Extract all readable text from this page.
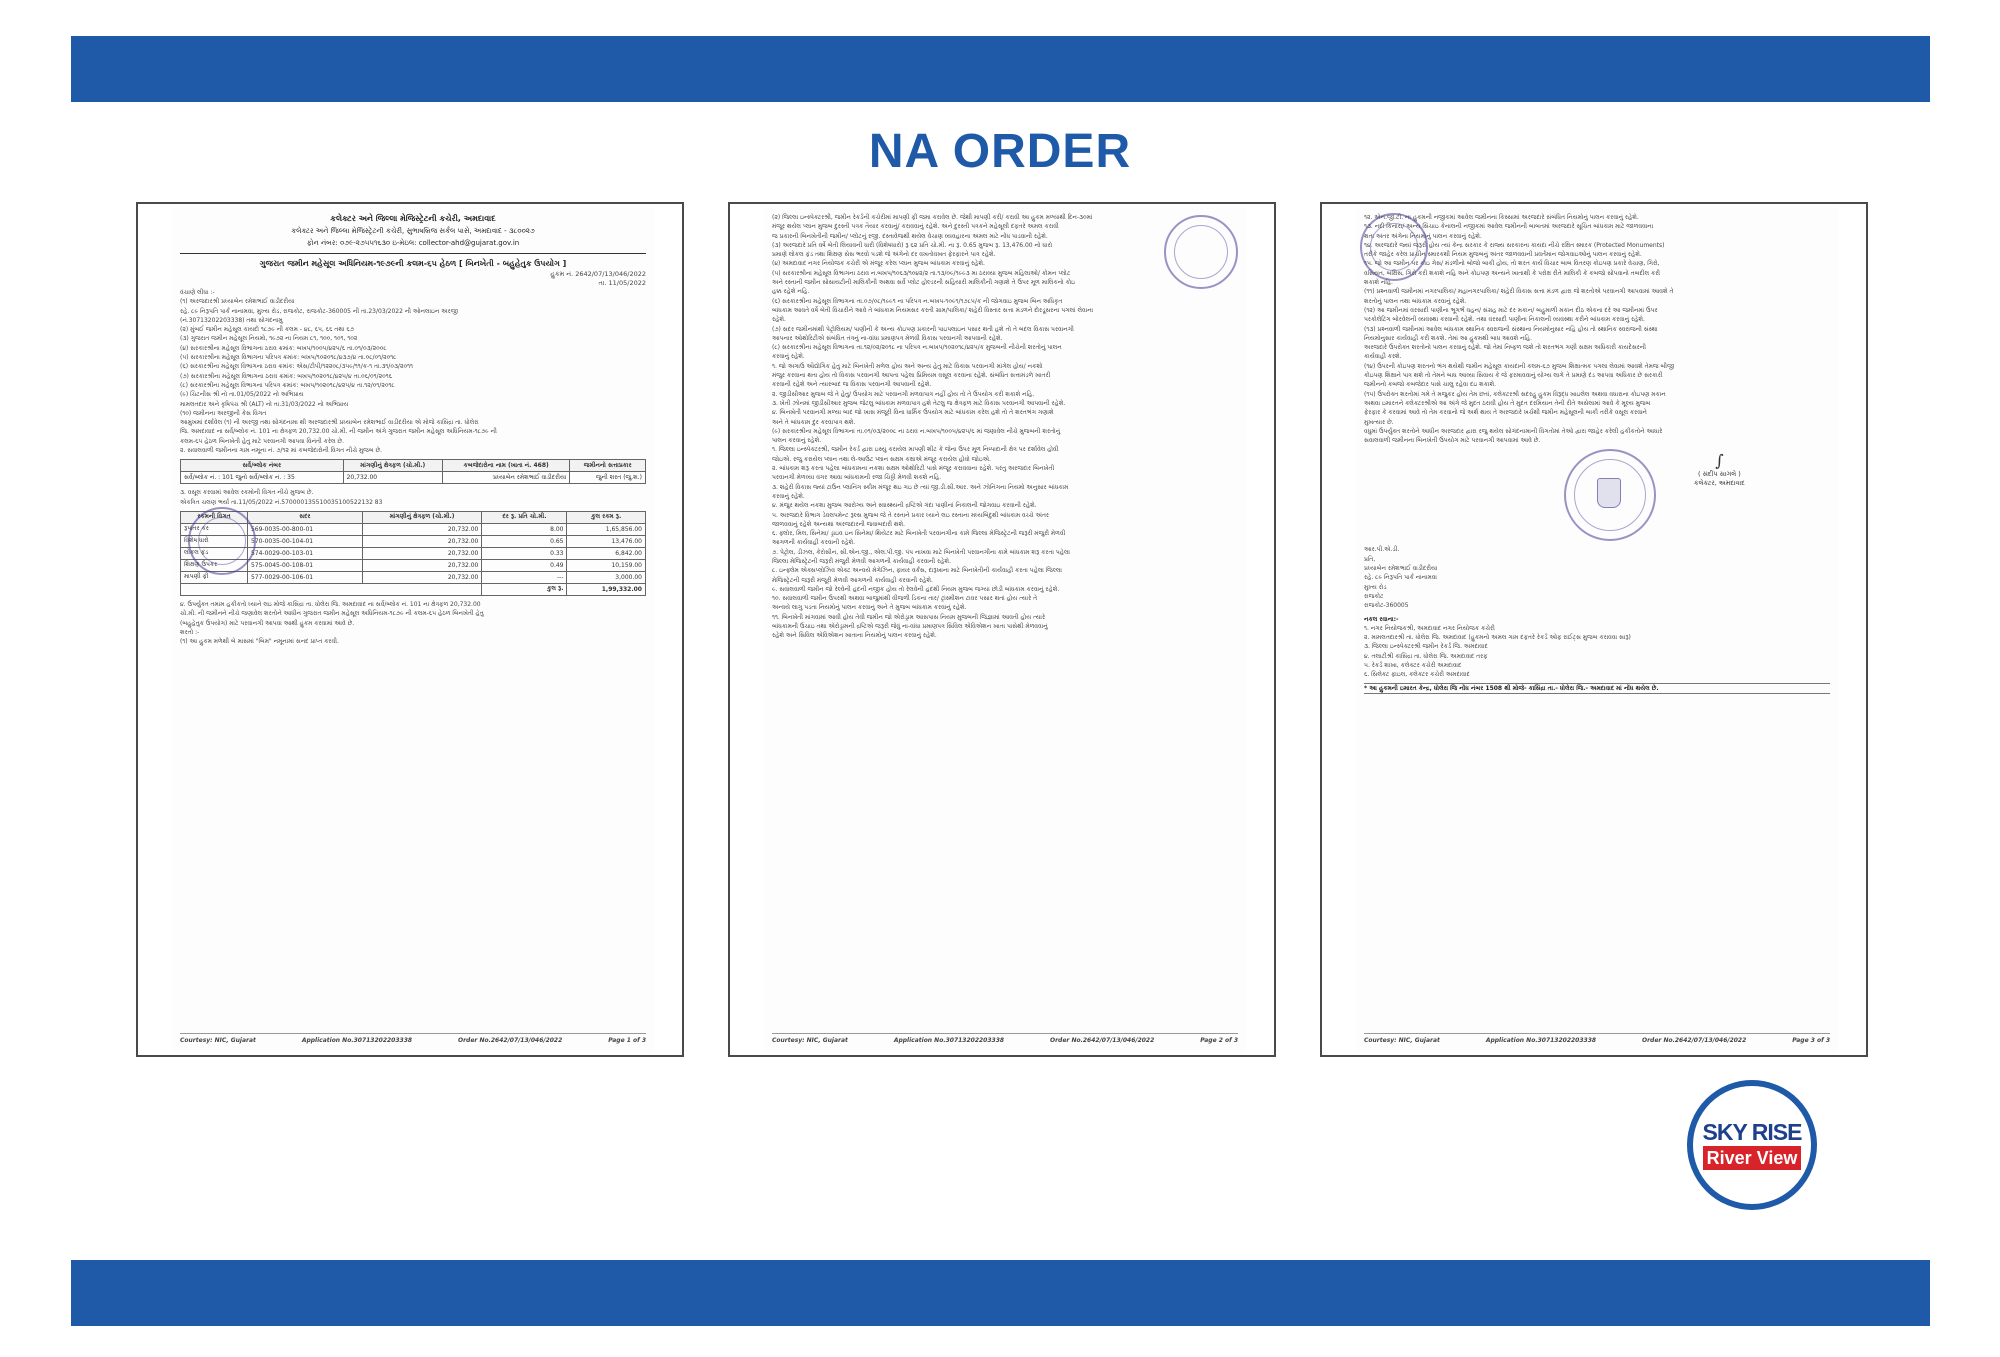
NA ORDER
કલેક્ટર અને જિલ્લા મેજિસ્ટ્રેટની કચેરી, અમદાવાદ
કલેક્ટર અને જિલ્લા મેજિસ્ટ્રેટની કચેરી, સુભાષબ્રિજ સર્કલ પાસે, અમદાવાદ - ૩૮૦૦૨૭
ફોન નંબર: ૦૭૯-૨૭૫૫૧૬૩૦ ઇ-મેઇલ: collector-ahd@gujarat.gov.in
ગુજરાત જમીન મહેસૂલ અધિનિયમ-૧૯૭૯ની કલમ-૬૫ હેઠળ [ બિનખેતી - બહુહેતુક ઉપયોગ ]
હુકમ નં. 2642/07/13/046/2022
તા. 11/05/2022
વંચાણે લીધા :-
(૧) અરજદારશ્રી પ્રધ્યાબેન રમેશભાઈ વાડીદરીયા
રહે. ૮૯ નિરૂપતિ પાર્ક નાનામવા, મુખ્ય રોડ, રાજકોટ, રાજકોટ-360005 ની તા.23/03/2022 ની ઓનલાઇન અરજી
(નં.30713202203338) તથા સોગંદનામુ
(૨) મુંબઈ જમીન મહેસૂલ કાયદો ૧૮૭૯ ની કલમ - ૪૮, ૬૫, ૬૬ તથા ૬૭
(૩) ગુજરાત જમીન મહેસૂલ નિયમો, ૧૯૭૨ ના નિયમ ૮૧, ૧૦૦, ૧૦૧, ૧૦૨
(૪) સરકારશ્રીના મહેસૂલ વિભાગના ઠરાવ ક્રમાંક: બખપ/૧૦૦૫/૪૨૫/૬ તા.૦૧/૦૩/૨૦૦૮
(૫) સરકારશ્રીના મહેસૂલ વિભાગના પરિપત્ર ક્રમાંક: બખપ/૧૦૨૦૧૮/૪૩૭/૪ તા.૦૮/૦૧/૨૦૧૮
(૬) સરકારશ્રીના મહેસૂલ વિભાગના ઠરાવ ક્રમાંક: એસ/ટીપી/૧૨૨૦૮/૩૫૯/૧૧/ક-૧ તા.૩૧/૦૩/૨૦૧૧
(૭) સરકારશ્રીના મહેસૂલ વિભાગના ઠરાવ ક્રમાંક: બખપ/૧૦૨૦૧૮/૪૨૫/૪ તા.૦૬/૦૧/૨૦૧૬
(૮) સરકારશ્રીના મહેસૂલ વિભાગના પરિપત્ર ક્રમાંક: બખપ/૧૦૨૦૧૮/૪૨૫/૪ તા.૧૨/૦૧/૨૦૧૮
(૯) ચિટનીસ શ્રી નો તા.01/05/2022 નો અભિપ્રાય
મામલતદાર અને કૃષિપંચ શ્રી (ALT) નો તા.31/03/2022 નો અભિપ્રાય
(૧૦) જમીનના અરજીની કેસ વિગત
આમુખમાં દર્શાવેલ (૧) ની અરજી તથા સોગંદનામા થી અરજદારશ્રી પ્રધ્યાબેન રમેશભાઈ વાડીદરીયા એ મોજે કાસિંદ્રા તા. ધોલેરા
જિ. અમદાવાદ ના સર્વે/બ્લોક નં. 101 ના ક્ષેત્રફળ 20,732.00 ચો.મી. ની જમીન અંગે ગુજરાત જમીન મહેસૂલ અધિનિયમ-૧૮૭૯ ની
કલમ-૬૫ હેઠળ બિનખેતી હેતુ માટે પરવાનગી આપવા વિનંતી કરેલ છે.
૨. સવાલવાળી જમીનના ગામ નમૂના નં. ૭/૧૨ માં કબજેદારોની વિગત નીચે મુજબ છે.
સર્વે/બ્લોક નંબર	માંગણીનું ક્ષેત્રફળ (ચો.મી.)	કબજેદારોના નામ (ખાતા નં. 468)	જમીનનો સત્તાપ્રકાર
સર્વે/બ્લોક નં. : 101 જુનો સર્વે/બ્લોક નં. : 35	20,732.00	પ્રધ્યાબેન રમેશભાઈ વાડીદરીયા	જુની શરત (જુ.શ.)
૩. વસૂલ કરવામાં આવેલ રકમોની વિગત નીચે મુજબ છે.
એકત્રિત ચલણ ભર્યા તા.11/05/2022 નં.570000135510035100522132 83
રકમની વિગત	સદર	માંગણીનું ક્ષેત્રફળ (ચો.મી.)	દર રૂ. પ્રતિ ચો.મી.	કુલ રકમ રૂ.
રૂપાંતર કર	569-0035-00-800-01	20,732.00	8.00	1,65,856.00
વિશેષ ધારો	570-0035-00-104-01	20,732.00	0.65	13,476.00
લોકલ ફંડ	574-0029-00-103-01	20,732.00	0.33	6,842.00
શિક્ષણ ઉપકર	575-0045-00-108-01	20,732.00	0.49	10,159.00
માપણી ફી	577-0029-00-106-01	20,732.00	---	3,000.00
			કુલ રૂ.	1,99,332.00
૪. ઉપર્યુક્ત તમામ હકીકતો ધ્યાને લઇ મોજે કાસિંદ્રા તા. ધોલેરા જિ. અમદાવાદ ના સર્વે/બ્લોક નં. 101 ના ક્ષેત્રફળ 20,732.00
ચો.મી. ની જમીનને નીચે જણાવેલ શરતોને આધીન ગુજરાત જમીન મહેસૂલ અધિનિયમ-૧૮૭૯ ની કલમ-૬૫ હેઠળ બિનખેતી હેતુ
(બહુહેતુક ઉપયોગ) માટે પરવાનગી આપવા આથી હુકમ કરવામાં આવે છે.
શરતો :-
(૧) આ હુકમ મળેથી બે માસમાં "બિમ" નમૂનામાં સનદ પ્રાપ્ત કરવી.
Courtesy: NIC, Gujarat	Application No.30713202203338	Order No.2642/07/13/046/2022	Page 1 of 3
(૨) જિલ્લા ઇન્સ્પેક્ટરશ્રી, જમીન રેકર્ડની કચેરીમાં માપણી ફી જમા કરાવેલ છે. જેથી માપણી કરી/ કરાવી આ હુકમ મળ્યાથી દિન-૩૦માં
મંજૂર થયેલ પ્લાન મુજબ દુરસ્તી પત્રક તૈયાર કરવાનું/ કરાવવાનું રહેશે. અને દુરસ્તી પત્રકને મહેસૂલી દફતરે અમલ કરાવી
જ પ્રકારની બિનખેતીની જમીન/ પ્લોટનું રજી. દસ્તાવેજથી થયેલ વેચાણ વ્યવહારના અમલ માટે નોંધ પાડવાની રહેશે.
(૩) અરજદારે પ્રતિ વર્ષે બેતી લિયાવની ધારી (વિશેષધારો) રૂ ૬૨ પ્રતિ ચો.મી. ના રૂ. 0.65 મુજબ રૂ. 13,476.00 નો ધારો
પ્રમાણે લોકલ ફંડ તથા શિક્ષણ સેસ ભરવો પડશે જે અંગેનો દર વખતોવખત ફેરફારને પાત્ર રહેશે.
(૪) અમદાવાદ નગર નિયોજક કચેરી એ મંજૂર કરેલ પ્લાન મુજબ બાંધકામ કરવાનું રહેશે.
(૫) સરકારશ્રીના મહેસૂલ વિભાગના ઠરાવ ન.બખપ/૧૦૬૩/૧૦૪૨/૨ તા.૧૩/૦૯/૧૯૯૩ મા ઠરાવ્યા મુજબ મહિલાઓ/ કોમન પ્લોટ
અને રસ્તાની જમીન સોસાયટીની માલિકીની અથવા સર્વે પ્લોટ હોલ્ડરની સહિયારી માલિકીની ગણાશે તે ઉપર મૂળ માલિકનો કોઇ
હક્ક રહેશે નહિ.
(૬) સરકારશ્રીના મહેસૂલ વિભાગના તા.૦૭/૦૮/૧૯૯૧ ના પરિપત્ર ન.બખપ-૧૦૯૧/૧૭૮૫/ક ની જોગવાઇ મુજબ બિન અધિકૃત
બાંધકામ આવતે વર્ષે બેતી વિચારીને આવે તે બાંધકામ નિયમસર કરતી ગ્રામ/પાલિકા/ શહેરી વિસ્તાર સત્તા મંડળને દોરડૂસરના પગલાં લેવાના
રહેશે.
(૭) સદર જમીનમાંથી પેટ્રોલિયમ/ પાણીની કે અન્ય કોઇપણ પ્રકારની પાઇપલાઇન પસાર થતી હશે તો તે બદલ વિકાસ પરવાનગી
આપનાર ઓથોરિટીએ સંબંધિત તંત્રનું ના-વાંધા પ્રમાણપત્ર મેળવી વિકાસ પરવાનગી આપવાની રહેશે.
(૮) સરકારશ્રીના મહેસૂલ વિભાગના તા.૧૨/૦૨/૨૦૧૮ ના પરિપત્ર ન.બખપ/૧૦૨૦૧૮/૪૨૫/ક મુજબની નીચેની શરતોનું પાલન
કરવાનું રહેશે.
૧. જો અગાઉ ઔદ્યોગિક હેતુ માટે બિનખેતી મળેલ હોય અને અન્ય હેતુ માટે વિકાસ પરવાનગી માંગેલ હોય/ નકશો
મંજુર કરવાના થતા હોય તો વિકાસ પરવાનગી આપતા પહેલા પ્રિમિયમ વસૂલ કરવાના રહેશે. સંબંધિત સત્તામંડળે ખાતરી
કરવાની રહેશે અને ત્યારબાદ જ વિકાસ પરવાનગી આપવાની રહેશે.
૨. જીડીસીઆર મુજબ જે તે હેતુ/ ઉપયોગ માટે પરવાનગી મળવાપાત્ર નહીં હોય તો તે ઉપયોગ કરી શકાશે નહિ.
૩. ખેતી ઝોનમાં જીડીસીઆર મુજબ જેટલુ બાંધકામ મળવાપાત્ર હશે તેટલુ જ ક્ષેત્રફળ માટે વિકાસ પરવાનગી આપવાની રહેશે.
૪. બિનખેતી પરવાનગી મળ્યા બાદ જો ખાસ મંજૂરી વિના ધાર્મિક ઉપયોગ માટે બાંધકામ કરેલ હશે તો તે શરતભંગ ગણાશે
અને તે બાંધકામ દુર કરવાપાત્ર થશે.
(૯) સરકારશ્રીના મહેસૂલ વિભાગના તા.૦૧/૦૩/૨૦૦૮ ના ઠરાવ ન.બખપ/૧૦૦૫/૪૨૫/૬ માં જણાવેલ નીચે મુજબની શરતોનું
પાલન કરવાનું રહેશે.
૧. જિલ્લા ઇન્સ્પેક્ટરશ્રી, જમીન રેકર્ડ દ્વારા ઇસ્યુ કરાયેલ માપણી શીટ કે જેના ઉપર મૂળ નિષ્પાદાની ક્ષેત્ર પર દર્શાવેલ હોવી
જોઇએ. રજુ કરાયેલ પ્લાન તથા લે-આઉટ પ્લાન સક્ષમ કક્ષાએ મંજૂર કરાયેલ હોવો જોઇએ.
૨. બાંધકામ શરૂ કરતા પહેલા બાંધકામના નકશા સક્ષમ ઓથોરિટી પાસે મંજૂર કરાવવાના રહેશે. પરંતુ અરજદાર બિનખેતી
પરવાનગી મેળવ્યા વગર આવા બાંધકામની રજા ચિઠ્ઠી મેળવી શકશે નહિ.
૩. શહેરી વિકાસ જ્યાં ટાઉન પ્લાનિંગ સ્કીમ મંજૂર થઇ ગઇ છે ત્યાં જી.ડી.સી.આર. અને ઝોનિંગના નિયમો અનુસાર બાંધકામ
કરવાનું રહેશે.
૪. મંજુર થયેલ નકશા મુજબ આરોગ્ય અને સ્વાસ્થ્યની દ્રષ્ટિએ ગંદા પાણીનાં નિકાલની જોગવાઇ કરવાની રહેશે.
૫. અરજદારે વિભાગ ડેવલપમેન્ટ રૂલ્સ મુજબ જે તે રસ્તાને પ્રકાર ધ્યાને લઇ રસ્તાના મધ્યબિંદુથી બાંધકામ વચ્ચે અંતર
જાળવવાનું રહેશે અન્યથા અરજદારની જવાબદારી થશે.
૬. ફ્લોર, મિલ, સિનેમા/ ડ્રાઇવ ઇન સિનેમા/ થિયેટર માટે બિનખેતી પરવાનગીના કામે જિલ્લા મેજિસ્ટ્રેટની જરૂરી મંજુરી મેળવી
આગળની કાર્યવાહી કરવાની રહેશે.
૭. પેટ્રોલ, ડીઝલ, કેરોસીન, સી.એન.જી., એલ.પી.જી. પંપ નાખવા માટે બિનખેતી પરવાનગીના કામે બાંધકામ શરૂ કરતા પહેલા
જિલ્લા મેજિસ્ટ્રેટની જરૂરી મંજુરી મેળવી આગળની કાર્યવાહી કરવાની રહેશે.
૮. ઇન્ફ્લેમ એક્સપ્લોઝિવ એક્ટ અન્વયે મેગેઝિન, ફાયર વર્કસ, દારૂખાના માટે બિનખેતીની કાર્યવાહી કરતા પહેલા જિલ્લા
મેજિસ્ટ્રેટની જરૂરી મંજૂરી મેળવી આગળની કાર્યવાહી કરવાની રહેશે.
૯. સવાલવાળી જમીન જો રેલ્વેની હદની નજીક હોય તો રેલવેની હદથી નિયમ મુજબ જગ્યા છોડી બાંધકામ કરવાનું રહેશે.
૧૦. સવાલવાળી જમીન ઉપરથી અથવા બાજુમાંથી વીજળી ડિકના તાર/ ટ્રાંસ્મીશન ટાવર પસાર થતાં હોય ત્યારે તે
અન્વયે લાગુ પડતા નિયમોનું પાલન કરવાનું અને તે મુજબ બાંધકામ કરવાનું રહેશે.
૧૧. બિનખેતી માંગવામાં આવી હોય તેવી જમીન જો એરોડ્રામ આસપાસ નિયમ મુજબની જિજ્ઞામાં આવતી હોય ત્યારે
બાંધકામની ઉંચાઇ તથા એરોડ્રામની દ્રષ્ટિએ જરૂરી જેવું ના-વાંધા પ્રમાણપત્ર સિવિલ એવિએશન ખાતા પાસેથી મેળવવાનું
રહેશે અને સિવિલ એવિએશન ખાતાના નિયમોનું પાલન કરવાનું રહેશે.
Courtesy: NIC, Gujarat	Application No.30713202203338	Order No.2642/07/13/046/2022	Page 2 of 3
૧૨. એન.જી.ટી. ના હુકમની નજીકમાં આવેલ જમીનના કિસ્સામાં અરજદારે સંબંધિત નિયમોનું પાલન કરવાનું રહેશે.
૧૩. નદી કિનારા/ અન્ય સિંચાઇ કેનાલની નજીકમાં આવેલ જમીનની બાબતમાં અરજદારે સૂચિત બાંધકામ માટે જાળવવાના
થતા અંતર અંગેના નિયમોનું પાલન કરવાનું રહેશે.
૧૪. અરજદારે જ્યાં જરૂરી હોય ત્યાં કેન્દ્ર સરકાર કે રાજ્ય સરકારના કાયદા નીચે રક્ષિત સ્મારક (Protected Monuments)
તરીકે જાહેર કરેલ પ્રાચીન સ્મારકથી નિયમ મુજબનું અંતર જાળવવાની પ્રવર્તમાન જોગવાઇઓનું પાલન કરવાનું રહેશે.
૧૫. જો આ જમીન પર કોઇ ગેસ/ મંડળીનો બોજો બાકી હોય, તો શરત કાર્ય વિચાર બાબ વિતરણ કોઇપણ પ્રકારે વેચાણ, ગિરો,
વસિયત, બક્ષિસ, ગિરો કરી શકાશે નહિ અને કોઇપણ અન્યને ખાતાથી કે પરોક્ષ રીતે માલિકી કે કબજો સોંપવાનો તબદીલ કરી
શકાશે નહિ.
(૧૧) પ્રશ્નવાળી જમીનમાં નગરપાલિકા/ મહાનગરપાલિકા/ શહેરી વિકાસ સત્તા મંડળ દ્વારા જે શરતોએ પરવાનગી આપવામાં આવશે તે
શરતોનું પાલન તથા બાંધકામ કરવાનું રહેશે.
(૧૨) આ જમીનમાં વરસાદી પાણીના ભૂગર્ભ વહન/ સંગ્રહ માટે દર મકાન/ બહુમાળી મકાન દીઠ એકના દરે આ જમીનમાં ઉપર
પરકોલેટિંગ બોરવેલની વ્યવસ્થા કરવાની રહેશે. તથા વરસાદી પાણીના નિકાલની વ્યવસ્થા કરીને બાંધકામ કરવાનું રહેશે.
(૧૩) પ્રશ્નવાળી જમીનમાં આવેલ બાંધકામ સ્થાનિક સ્વરાજની સંસ્થાના નિયમોનુસાર નહિ હોય તો સ્થાનિક સ્વરાજની સંસ્થા
નિયમોનુસાર કાર્યવાહી કરી શકશે. તેમાં આ હુકમથી બાધ આવશે નહિ.
અરજદારે ઉપરોક્ત શરતોનો પાલન કરવાનું રહેશે. જો તેમાં નિષ્ફળ જશે તો શરતભંગ ગણી સક્ષમ અધિકારી કાયદેસરની
કાર્યવાહી કરશે.
(૧૪) ઉપરની કોઇપણ શરતનો ભંગ થયેથી જમીન મહેસૂલ કાયદાની કલમ-૬૭ મુજબ શિક્ષાત્મક પગલા લેવામાં આવશે તેમજ બીજી
કોઇપણ શિક્ષાને પાત્ર થશે તો તેમને બાધ આવ્યા સિવાય કે જે ફરમાવવાનું યોગ્ય લાગે તે પ્રમાણે દંડ આપવા અધિકાર છે સરકારી
જમીનનો કબજો કબજેદાર પાસે ચાલુ રહેવા દઇ શકાશે.
(૧૫) ઉપરોક્ત શરતોમાં ગમે તે મજુકર હોય તેમ છતાં, કલેક્ટરશ્રી સદરહુ હુકમ વિરૂદ્ધ ખાઇલેલ અથવા વધારાના કોઇપણ મકાન
અથવા ઇમારતને કલેક્ટરશ્રીએ આ અંગે જે મુદત ઠરાવી હોય તે મુદત દરમિયાન તેની રીતે અસેલામાં આવે કે મૂલ્ય મુજબ
ફેરફાર કે કરવામાં આવે તો તેમ કરવાનો જે અર્થ થાય તે અરજદારે ખર્ચથી જમીન મહેસૂલની બાકી તરીકે વસૂલ કરવાને
મુખત્યાર છે.
વધુમાં ઉપર્યુક્ત શરતોને આધીન અરજદાર દ્વારા રજુ થયેલ સોગંદનામાની વિગતોમાં તેઓ દ્વારા જાહેર કરેલી હકીકતોને આધારે
સવાલવાળી જમીનના બિનખેતી ઉપયોગ માટે પરવાનગી આપવામાં આવે છે.
∫
( સંદીપ સાગલે )
કલેક્ટર, અમદાવાદ
આર.પી.એ.ડી.
પ્રતિ,
પ્રધ્યાબેન રમેશભાઈ વાડીદરીયા
રહે. ૮૯ નિરૂપતિ પાર્ક નાનામવા
મુખ્ય રોડ
રાજકોટ
રાજકોટ-360005
નકલ રવાના:-
૧. નગર નિયોજકશ્રી, અમદાવાદ નગર નિયોજક કચેરી
૨. મામલતદારશ્રી તા. ધોલેરા જિ. અમદાવાદ (હુકમનો અમલ ગામ દફતરે રેકર્ડ ઓફ રાઈટ્સ મુજબ કરાવવા સારૂ)
૩. જિલ્લા ઇન્સ્પેક્ટરશ્રી જમીન રેકર્ડ જિ. અમદાવાદ
૪. તલાટીશ્રી કાસિંદ્રા તા. ધોલેરા જિ. અમદાવાદ તરફ
૫. રેકર્ડ શાખા, કલેક્ટર કચેરી અમદાવાદ
૬. સિલેક્ટ ફાઇલ, કલેક્ટર કચેરી અમદાવાદ
* આ હુકમની ઇમારત કેન્દ્ર, ધોલેરા જિ નોંધ નંબર 1508 થી મોજે- કાસિંદ્રા તા.- ધોલેરા જિ.- અમદાવાદ માં નોંધ થયેલ છે.
Courtesy: NIC, Gujarat	Application No.30713202203338	Order No.2642/07/13/046/2022	Page 3 of 3
SKY RISE
River View
